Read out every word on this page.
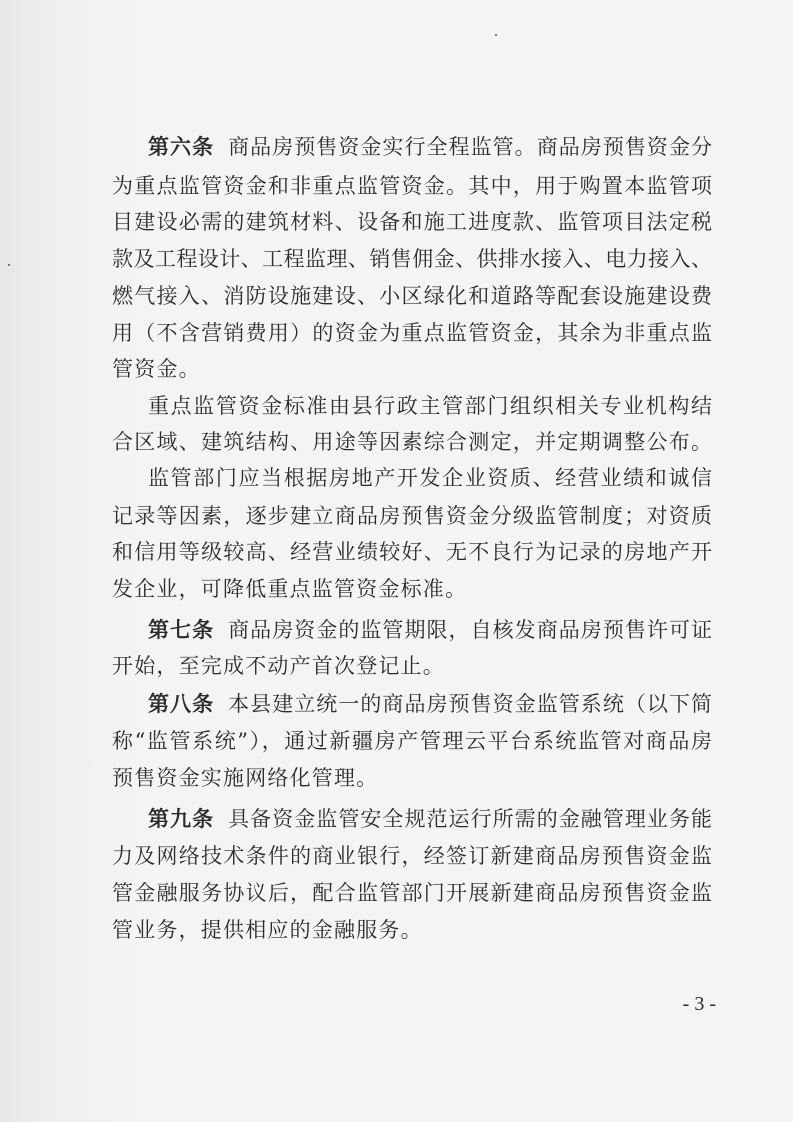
第六条 商品房预售资金实行全程监管。商品房预售资金分
为重点监管资金和非重点监管资金。其中，用于购置本监管项
目建设必需的建筑材料、设备和施工进度款、监管项目法定税
款及工程设计、工程监理、销售佣金、供排水接入、电力接入、
燃气接入、消防设施建设、小区绿化和道路等配套设施建设费
用（不含营销费用）的资金为重点监管资金，其余为非重点监
管资金。
重点监管资金标准由县行政主管部门组织相关专业机构结
合区域、建筑结构、用途等因素综合测定，并定期调整公布。
监管部门应当根据房地产开发企业资质、经营业绩和诚信
记录等因素，逐步建立商品房预售资金分级监管制度；对资质
和信用等级较高、经营业绩较好、无不良行为记录的房地产开
发企业，可降低重点监管资金标准。
第七条 商品房资金的监管期限，自核发商品房预售许可证
开始，至完成不动产首次登记止。
第八条 本县建立统一的商品房预售资金监管系统（以下简
称“监管系统”），通过新疆房产管理云平台系统监管对商品房
预售资金实施网络化管理。
第九条 具备资金监管安全规范运行所需的金融管理业务能
力及网络技术条件的商业银行，经签订新建商品房预售资金监
管金融服务协议后，配合监管部门开展新建商品房预售资金监
管业务，提供相应的金融服务。
- 3 -
